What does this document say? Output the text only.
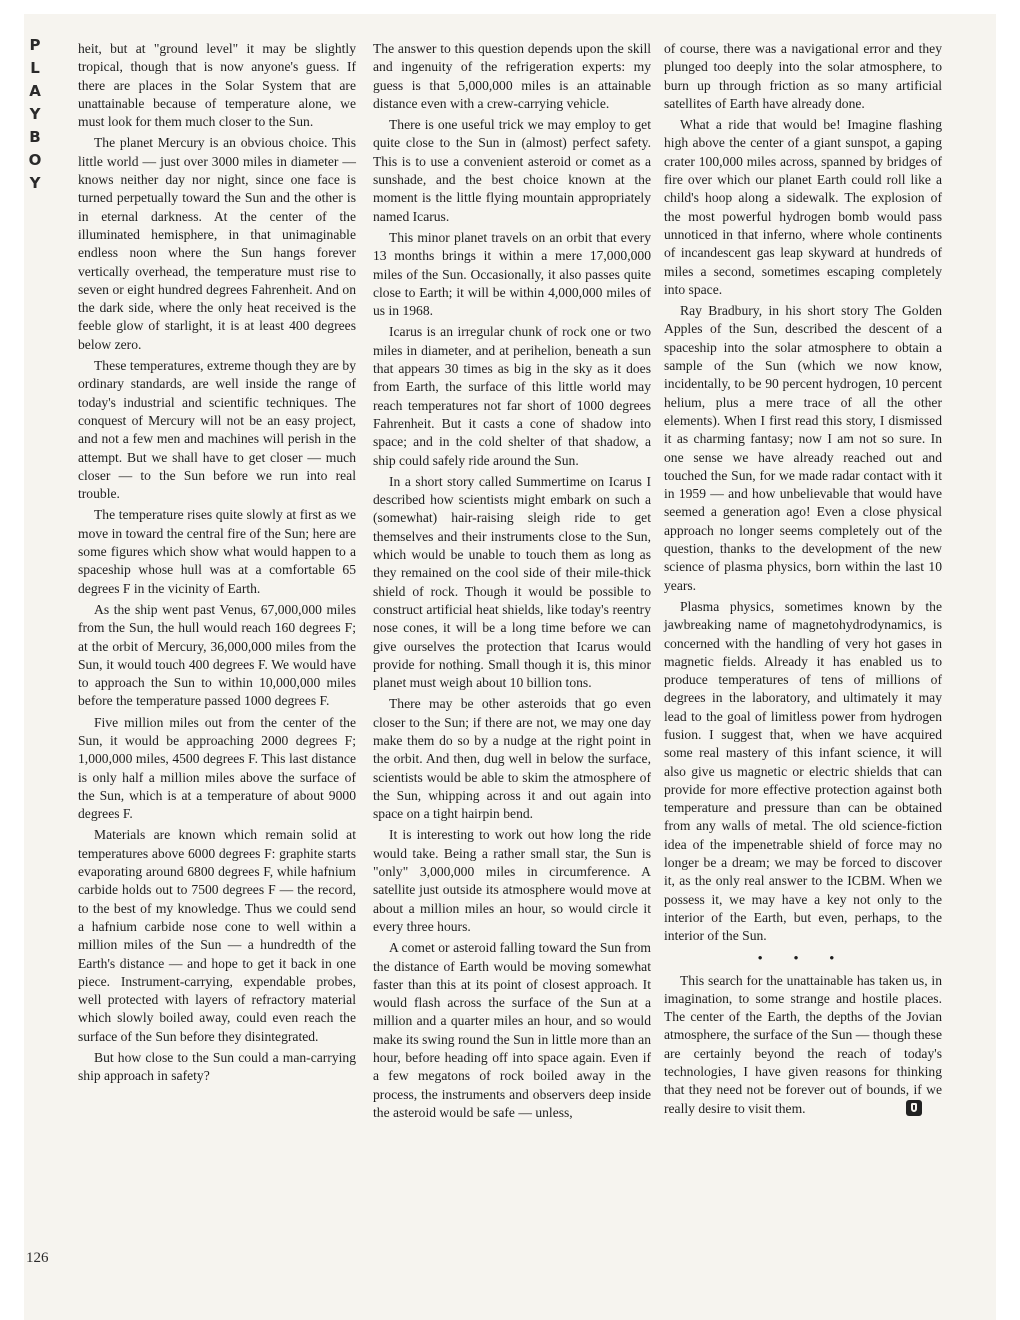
P
L
A
Y
B
O
Y
126

heit, but at "ground level" it may be slightly tropical, though that is now anyone's guess. If there are places in the Solar System that are unattainable because of temperature alone, we must look for them much closer to the Sun.

The planet Mercury is an obvious choice. This little world — just over 3000 miles in diameter — knows neither day nor night, since one face is turned perpetually toward the Sun and the other is in eternal darkness. At the center of the illuminated hemisphere, in that unimaginable endless noon where the Sun hangs forever vertically overhead, the temperature must rise to seven or eight hundred degrees Fahrenheit. And on the dark side, where the only heat received is the feeble glow of starlight, it is at least 400 degrees below zero.

These temperatures, extreme though they are by ordinary standards, are well inside the range of today's industrial and scientific techniques. The conquest of Mercury will not be an easy project, and not a few men and machines will perish in the attempt. But we shall have to get closer — much closer — to the Sun before we run into real trouble.

The temperature rises quite slowly at first as we move in toward the central fire of the Sun; here are some figures which show what would happen to a spaceship whose hull was at a comfortable 65 degrees F in the vicinity of Earth.

As the ship went past Venus, 67,000,000 miles from the Sun, the hull would reach 160 degrees F; at the orbit of Mercury, 36,000,000 miles from the Sun, it would touch 400 degrees F. We would have to approach the Sun to within 10,000,000 miles before the temperature passed 1000 degrees F.

Five million miles out from the center of the Sun, it would be approaching 2000 degrees F; 1,000,000 miles, 4500 degrees F. This last distance is only half a million miles above the surface of the Sun, which is at a temperature of about 9000 degrees F.

Materials are known which remain solid at temperatures above 6000 degrees F: graphite starts evaporating around 6800 degrees F, while hafnium carbide holds out to 7500 degrees F — the record, to the best of my knowledge. Thus we could send a hafnium carbide nose cone to well within a million miles of the Sun — a hundredth of the Earth's distance — and hope to get it back in one piece. Instrument-carrying, expendable probes, well protected with layers of refractory material which slowly boiled away, could even reach the surface of the Sun before they disintegrated.

But how close to the Sun could a man-carrying ship approach in safety?

The answer to this question depends upon the skill and ingenuity of the refrigeration experts: my guess is that 5,000,000 miles is an attainable distance even with a crew-carrying vehicle.

There is one useful trick we may employ to get quite close to the Sun in (almost) perfect safety. This is to use a convenient asteroid or comet as a sunshade, and the best choice known at the moment is the little flying mountain appropriately named Icarus.

This minor planet travels on an orbit that every 13 months brings it within a mere 17,000,000 miles of the Sun. Occasionally, it also passes quite close to Earth; it will be within 4,000,000 miles of us in 1968.

Icarus is an irregular chunk of rock one or two miles in diameter, and at perihelion, beneath a sun that appears 30 times as big in the sky as it does from Earth, the surface of this little world may reach temperatures not far short of 1000 degrees Fahrenheit. But it casts a cone of shadow into space; and in the cold shelter of that shadow, a ship could safely ride around the Sun.

In a short story called Summertime on Icarus I described how scientists might embark on such a (somewhat) hair-raising sleigh ride to get themselves and their instruments close to the Sun, which would be unable to touch them as long as they remained on the cool side of their mile-thick shield of rock. Though it would be possible to construct artificial heat shields, like today's reentry nose cones, it will be a long time before we can give ourselves the protection that Icarus would provide for nothing. Small though it is, this minor planet must weigh about 10 billion tons.

There may be other asteroids that go even closer to the Sun; if there are not, we may one day make them do so by a nudge at the right point in the orbit. And then, dug well in below the surface, scientists would be able to skim the atmosphere of the Sun, whipping across it and out again into space on a tight hairpin bend.

It is interesting to work out how long the ride would take. Being a rather small star, the Sun is "only" 3,000,000 miles in circumference. A satellite just outside its atmosphere would move at about a million miles an hour, so would circle it every three hours.

A comet or asteroid falling toward the Sun from the distance of Earth would be moving somewhat faster than this at its point of closest approach. It would flash across the surface of the Sun at a million and a quarter miles an hour, and so would make its swing round the Sun in little more than an hour, before heading off into space again. Even if a few megatons of rock boiled away in the process, the instruments and observers deep inside the asteroid would be safe — unless,

of course, there was a navigational error and they plunged too deeply into the solar atmosphere, to burn up through friction as so many artificial satellites of Earth have already done.

What a ride that would be! Imagine flashing high above the center of a giant sunspot, a gaping crater 100,000 miles across, spanned by bridges of fire over which our planet Earth could roll like a child's hoop along a sidewalk. The explosion of the most powerful hydrogen bomb would pass unnoticed in that inferno, where whole continents of incandescent gas leap skyward at hundreds of miles a second, sometimes escaping completely into space.

Ray Bradbury, in his short story The Golden Apples of the Sun, described the descent of a spaceship into the solar atmosphere to obtain a sample of the Sun (which we now know, incidentally, to be 90 percent hydrogen, 10 percent helium, plus a mere trace of all the other elements). When I first read this story, I dismissed it as charming fantasy; now I am not so sure. In one sense we have already reached out and touched the Sun, for we made radar contact with it in 1959 — and how unbelievable that would have seemed a generation ago! Even a close physical approach no longer seems completely out of the question, thanks to the development of the new science of plasma physics, born within the last 10 years.

Plasma physics, sometimes known by the jawbreaking name of magnetohydrodynamics, is concerned with the handling of very hot gases in magnetic fields. Already it has enabled us to produce temperatures of tens of millions of degrees in the laboratory, and ultimately it may lead to the goal of limitless power from hydrogen fusion. I suggest that, when we have acquired some real mastery of this infant science, it will also give us magnetic or electric shields that can provide for more effective protection against both temperature and pressure than can be obtained from any walls of metal. The old science-fiction idea of the impenetrable shield of force may no longer be a dream; we may be forced to discover it, as the only real answer to the ICBM. When we possess it, we may have a key not only to the interior of the Earth, but even, perhaps, to the interior of the Sun.

• • •

This search for the unattainable has taken us, in imagination, to some strange and hostile places. The center of the Earth, the depths of the Jovian atmosphere, the surface of the Sun — though these are certainly beyond the reach of today's technologies, I have given reasons for thinking that they need not be forever out of bounds, if we really desire to visit them.
